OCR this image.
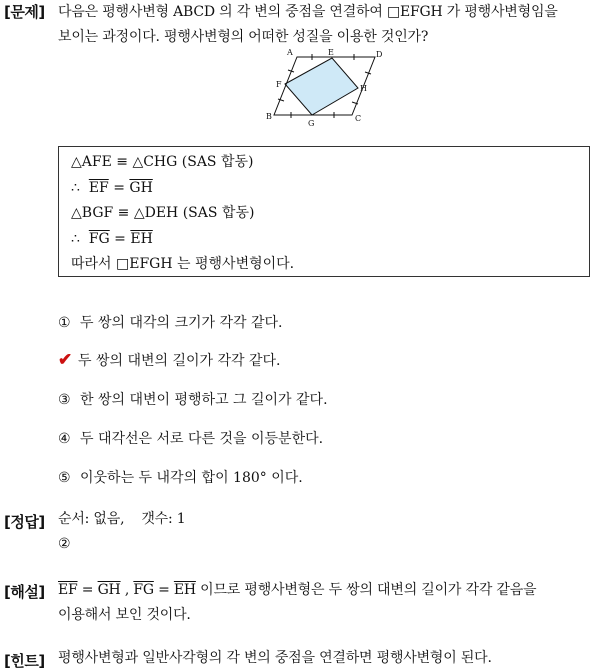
[문제] 다음은 평행사변형 ABCD 의 각 변의 중점을 연결하여 □EFGH 가 평행사변형임을
보이는 과정이다. 평행사변형의 어떠한 성질을 이용한 것인가?
A	D
E
F	H
B
G
C
△AFE ≡ △CHG (SAS 합동)
∴  $\overline{EF} = \overline{GH}$
△BGF ≡ △DEH (SAS 합동)
∴  $\overline{FG} = \overline{EH}$
따라서 □EFGH 는 평행사변형이다.
① 두 쌍의 대각의 크기가 각각 같다.
✔ 두 쌍의 대변의 길이가 각각 같다.
③ 한 쌍의 대변이 평행하고 그 길이가 같다.
④ 두 대각선은 서로 다른 것을 이등분한다.
⑤ 이웃하는 두 내각의 합이 180° 이다.
[정답] 순서: 없음,    갯수: 1
②
[해설] $\overline{EF} = \overline{GH}$ , $\overline{FG} = \overline{EH}$ 이므로 평행사변형은 두 쌍의 대변의 길이가 각각 같음을
이용해서 보인 것이다.
[힌트] 평행사변형과 일반사각형의 각 변의 중점을 연결하면 평행사변형이 된다.
